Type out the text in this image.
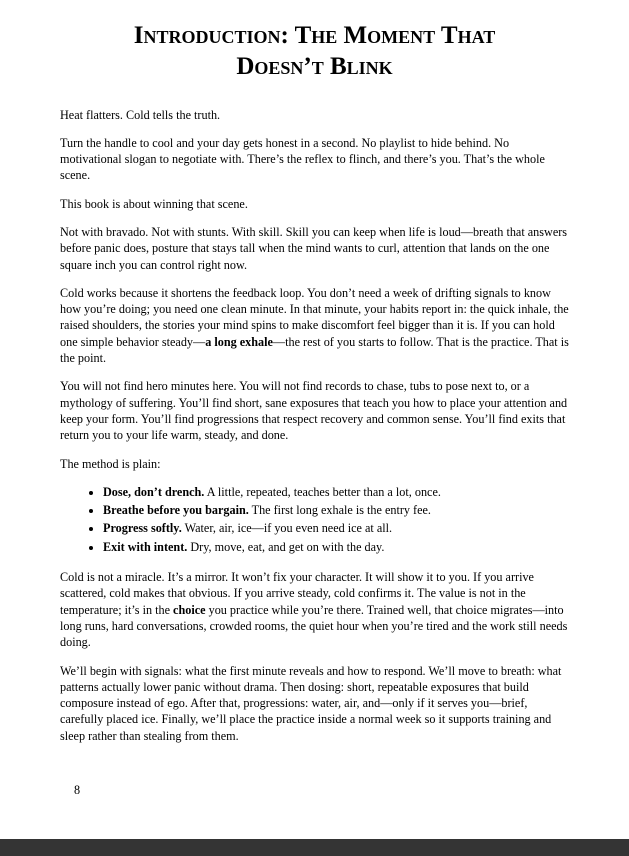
Introduction: The Moment That
Doesn’t Blink

Heat flatters. Cold tells the truth.

Turn the handle to cool and your day gets honest in a second. No playlist to hide behind. No motivational slogan to negotiate with. There’s the reflex to flinch, and there’s you. That’s the whole scene.

This book is about winning that scene.

Not with bravado. Not with stunts. With skill. Skill you can keep when life is loud—breath that answers before panic does, posture that stays tall when the mind wants to curl, attention that lands on the one square inch you can control right now.

Cold works because it shortens the feedback loop. You don’t need a week of drifting signals to know how you’re doing; you need one clean minute. In that minute, your habits report in: the quick inhale, the raised shoulders, the stories your mind spins to make discomfort feel bigger than it is. If you can hold one simple behavior steady—a long exhale—the rest of you starts to follow. That is the practice. That is the point.

You will not find hero minutes here. You will not find records to chase, tubs to pose next to, or a mythology of suffering. You’ll find short, sane exposures that teach you how to place your attention and keep your form. You’ll find progressions that respect recovery and common sense. You’ll find exits that return you to your life warm, steady, and done.

The method is plain:

• Dose, don’t drench. A little, repeated, teaches better than a lot, once.
• Breathe before you bargain. The first long exhale is the entry fee.
• Progress softly. Water, air, ice—if you even need ice at all.
• Exit with intent. Dry, move, eat, and get on with the day.

Cold is not a miracle. It’s a mirror. It won’t fix your character. It will show it to you. If you arrive scattered, cold makes that obvious. If you arrive steady, cold confirms it. The value is not in the temperature; it’s in the choice you practice while you’re there. Trained well, that choice migrates—into long runs, hard conversations, crowded rooms, the quiet hour when you’re tired and the work still needs doing.

We’ll begin with signals: what the first minute reveals and how to respond. We’ll move to breath: what patterns actually lower panic without drama. Then dosing: short, repeatable exposures that build composure instead of ego. After that, progressions: water, air, and—only if it serves you—brief, carefully placed ice. Finally, we’ll place the practice inside a normal week so it supports training and sleep rather than stealing from them.

8
